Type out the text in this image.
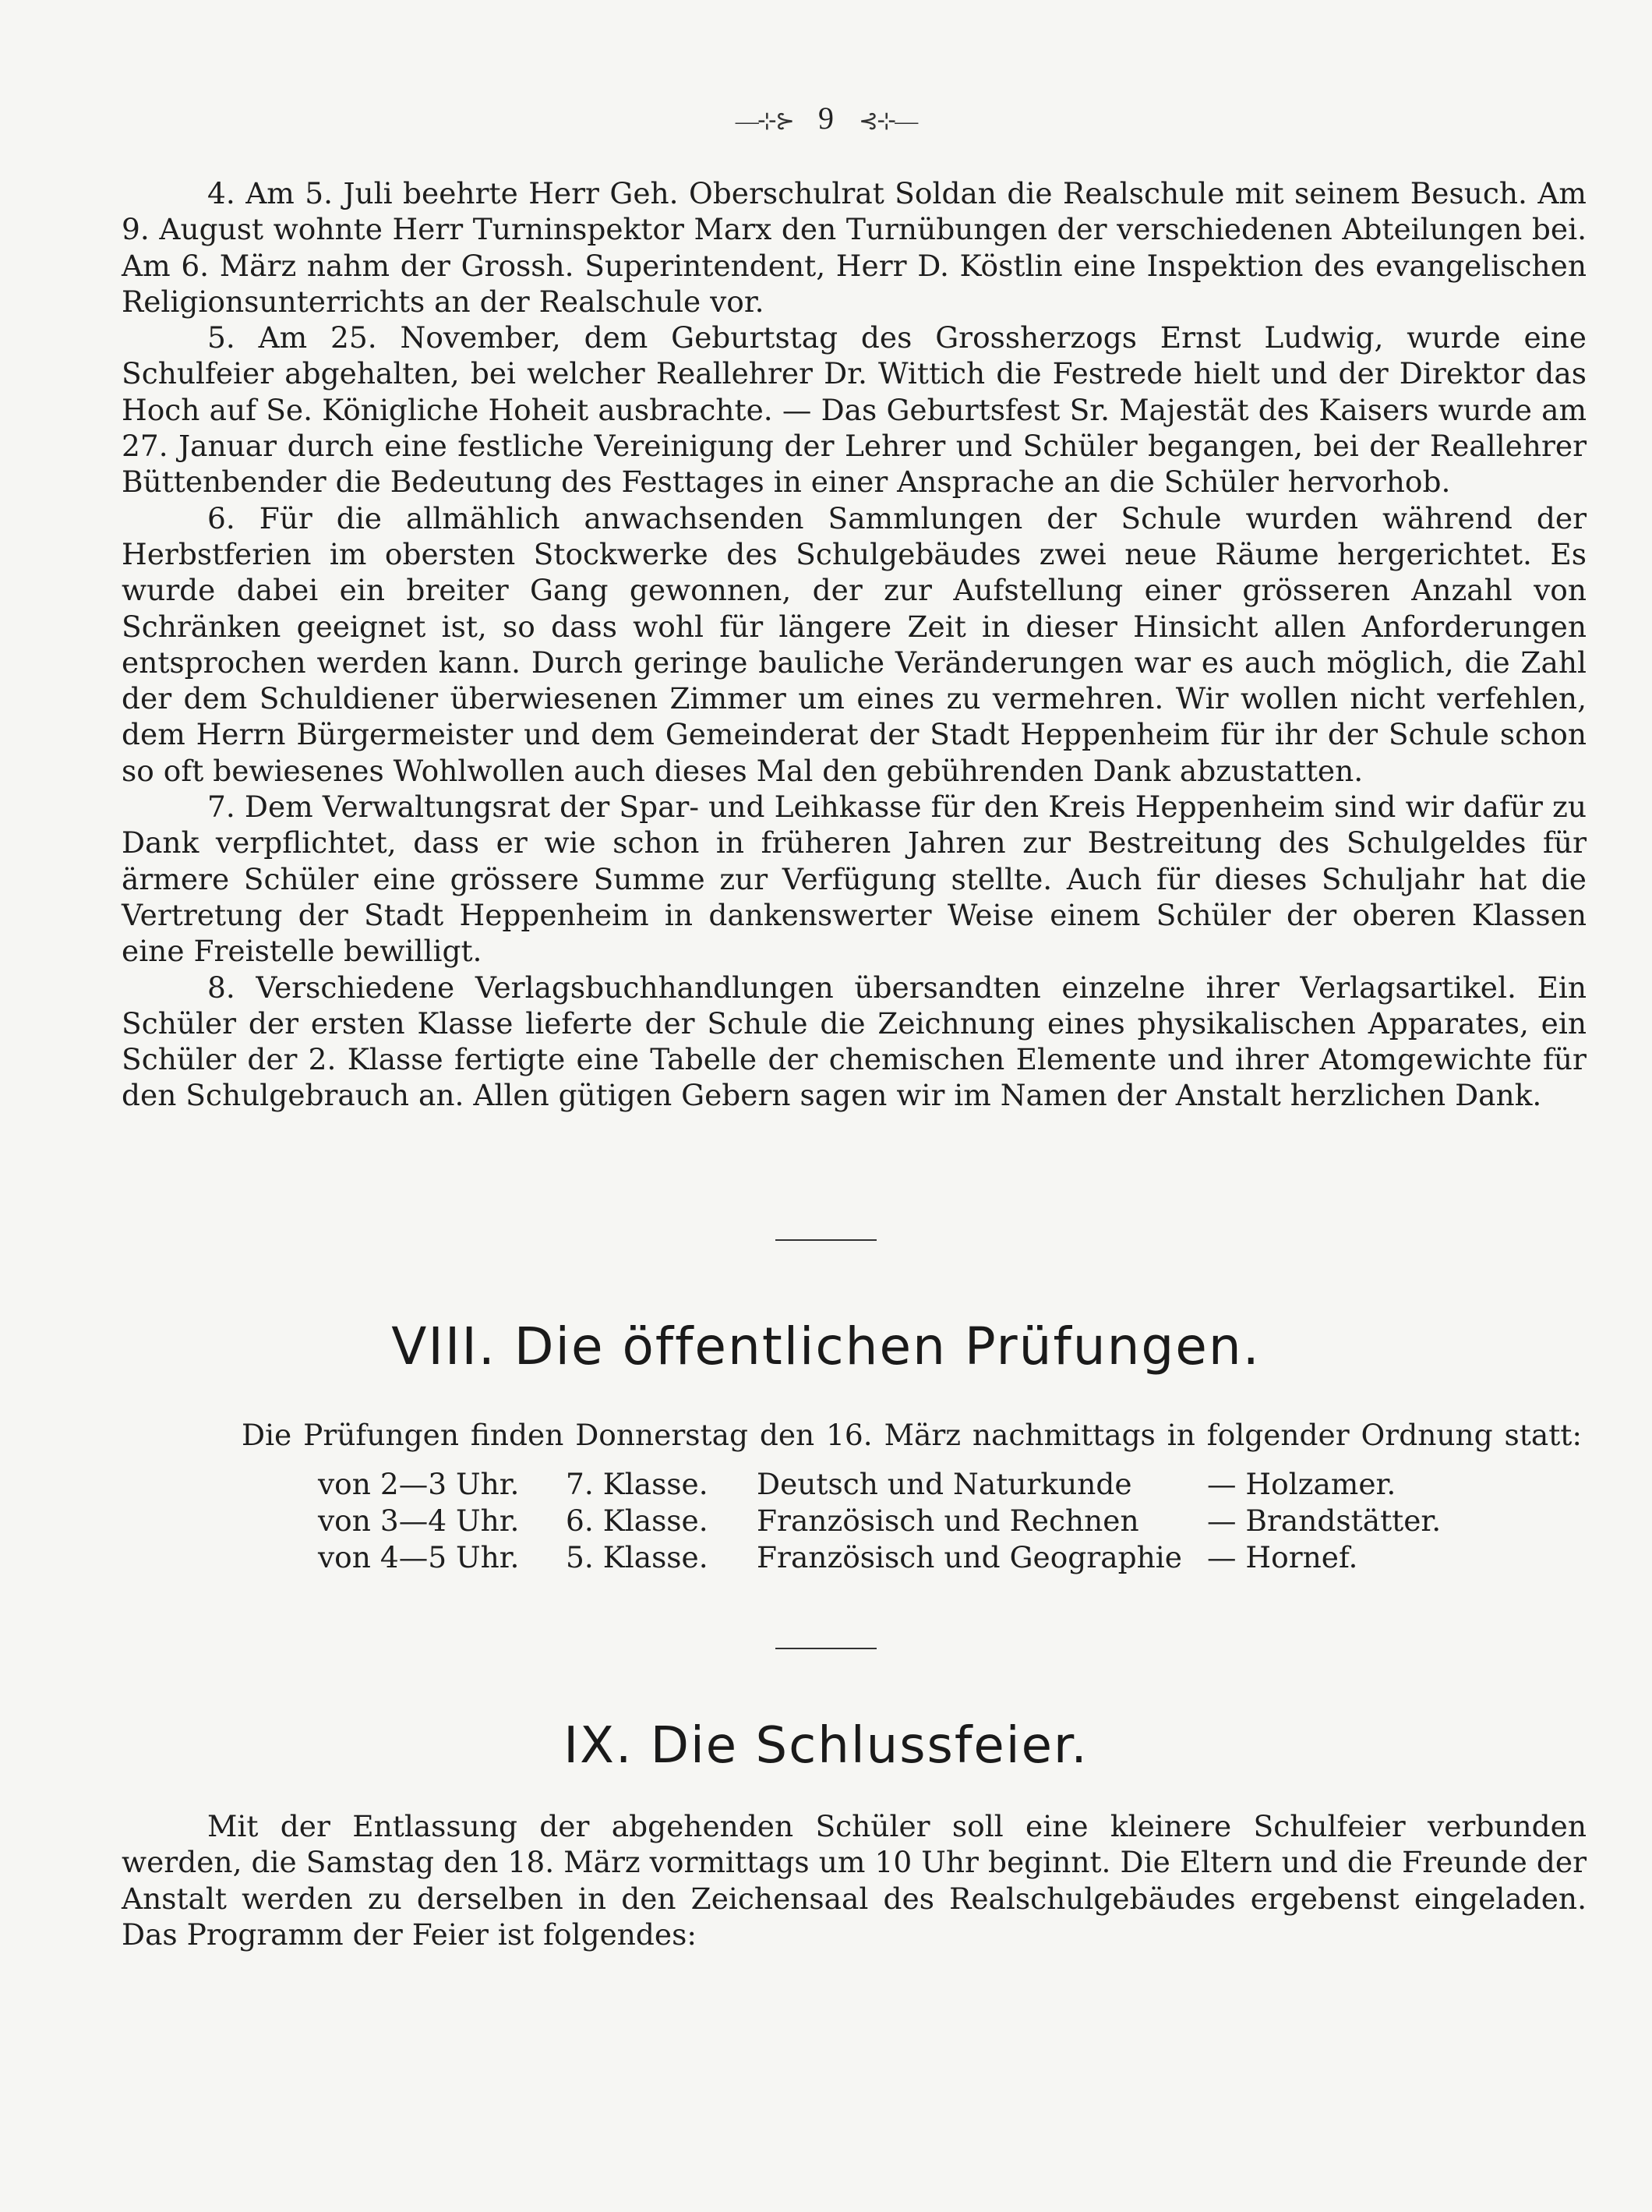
—⊹⊱ 9 ⊰⊹—

4. Am 5. Juli beehrte Herr Geh. Oberschulrat Soldan die Realschule mit seinem Besuch. Am 9. August wohnte Herr Turninspektor Marx den Turnübungen der verschiedenen Abteilungen bei. Am 6. März nahm der Grossh. Superintendent, Herr D. Köstlin eine Inspektion des evangelischen Religionsunterrichts an der Realschule vor.

5. Am 25. November, dem Geburtstag des Grossherzogs Ernst Ludwig, wurde eine Schulfeier abgehalten, bei welcher Reallehrer Dr. Wittich die Festrede hielt und der Direktor das Hoch auf Se. Königliche Hoheit ausbrachte. — Das Geburtsfest Sr. Majestät des Kaisers wurde am 27. Januar durch eine festliche Vereinigung der Lehrer und Schüler begangen, bei der Reallehrer Büttenbender die Bedeutung des Festtages in einer Ansprache an die Schüler hervorhob.

6. Für die allmählich anwachsenden Sammlungen der Schule wurden während der Herbstferien im obersten Stockwerke des Schulgebäudes zwei neue Räume hergerichtet. Es wurde dabei ein breiter Gang gewonnen, der zur Aufstellung einer grösseren Anzahl von Schränken geeignet ist, so dass wohl für längere Zeit in dieser Hinsicht allen Anforderungen entsprochen werden kann. Durch geringe bauliche Veränderungen war es auch möglich, die Zahl der dem Schuldiener überwiesenen Zimmer um eines zu vermehren. Wir wollen nicht verfehlen, dem Herrn Bürgermeister und dem Gemeinderat der Stadt Heppenheim für ihr der Schule schon so oft bewiesenes Wohlwollen auch dieses Mal den gebührenden Dank abzustatten.

7. Dem Verwaltungsrat der Spar- und Leihkasse für den Kreis Heppenheim sind wir dafür zu Dank verpflichtet, dass er wie schon in früheren Jahren zur Bestreitung des Schulgeldes für ärmere Schüler eine grössere Summe zur Verfügung stellte. Auch für dieses Schuljahr hat die Vertretung der Stadt Heppenheim in dankenswerter Weise einem Schüler der oberen Klassen eine Freistelle bewilligt.

8. Verschiedene Verlagsbuchhandlungen übersandten einzelne ihrer Verlagsartikel. Ein Schüler der ersten Klasse lieferte der Schule die Zeichnung eines physikalischen Apparates, ein Schüler der 2. Klasse fertigte eine Tabelle der chemischen Elemente und ihrer Atomgewichte für den Schulgebrauch an. Allen gütigen Gebern sagen wir im Namen der Anstalt herzlichen Dank.

VIII. Die öffentlichen Prüfungen.
Die Prüfungen finden Donnerstag den 16. März nachmittags in folgender Ordnung statt:
von 2—3 Uhr.	7. Klasse.	Deutsch und Naturkunde	— Holzamer.
von 3—4 Uhr.	6. Klasse.	Französisch und Rechnen	— Brandstätter.
von 4—5 Uhr.	5. Klasse.	Französisch und Geographie	— Hornef.
IX. Die Schlussfeier.

Mit der Entlassung der abgehenden Schüler soll eine kleinere Schulfeier verbunden werden, die Samstag den 18. März vormittags um 10 Uhr beginnt. Die Eltern und die Freunde der Anstalt werden zu derselben in den Zeichensaal des Realschulgebäudes ergebenst eingeladen. Das Programm der Feier ist folgendes:
